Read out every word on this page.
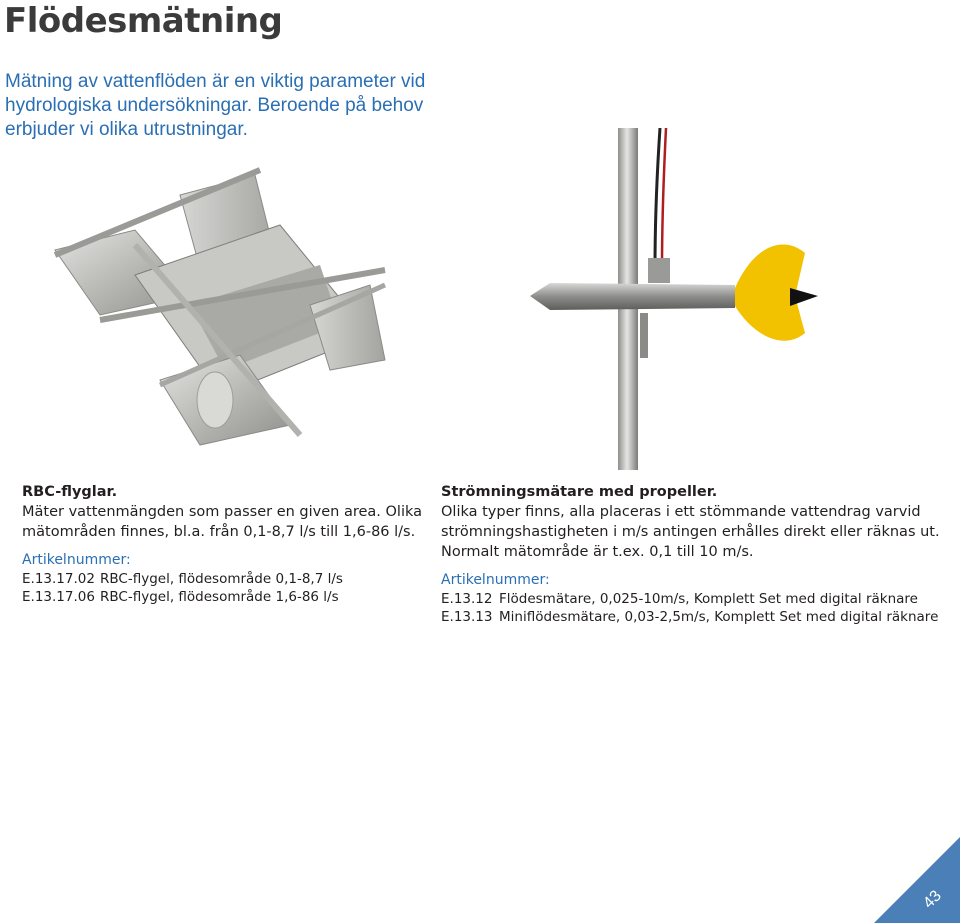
Flödesmätning
Mätning av vattenflöden är en viktig parameter vid hydrologiska undersökningar. Beroende på behov erbjuder vi olika utrustningar.
RBC-flyglar.

Mäter vattenmängden som passer en given area. Olika mätområden finnes, bl.a. från 0,1-8,7 l/s till 1,6-86 l/s.

Artikelnummer:
E.13.17.02 RBC-flygel, flödesområde 0,1-8,7 l/s
E.13.17.06 RBC-flygel, flödesområde 1,6-86 l/s
Strömningsmätare med propeller.

Olika typer finns, alla placeras i ett stömmande vattendrag varvid strömningshastigheten i m/s antingen erhålles direkt eller räknas ut. Normalt mätområde är t.ex. 0,1 till 10 m/s.

Artikelnummer:
E.13.12 Flödesmätare, 0,025-10m/s, Komplett Set med digital räknare
E.13.13 Miniflödesmätare, 0,03-2,5m/s, Komplett Set med digital räknare
43
